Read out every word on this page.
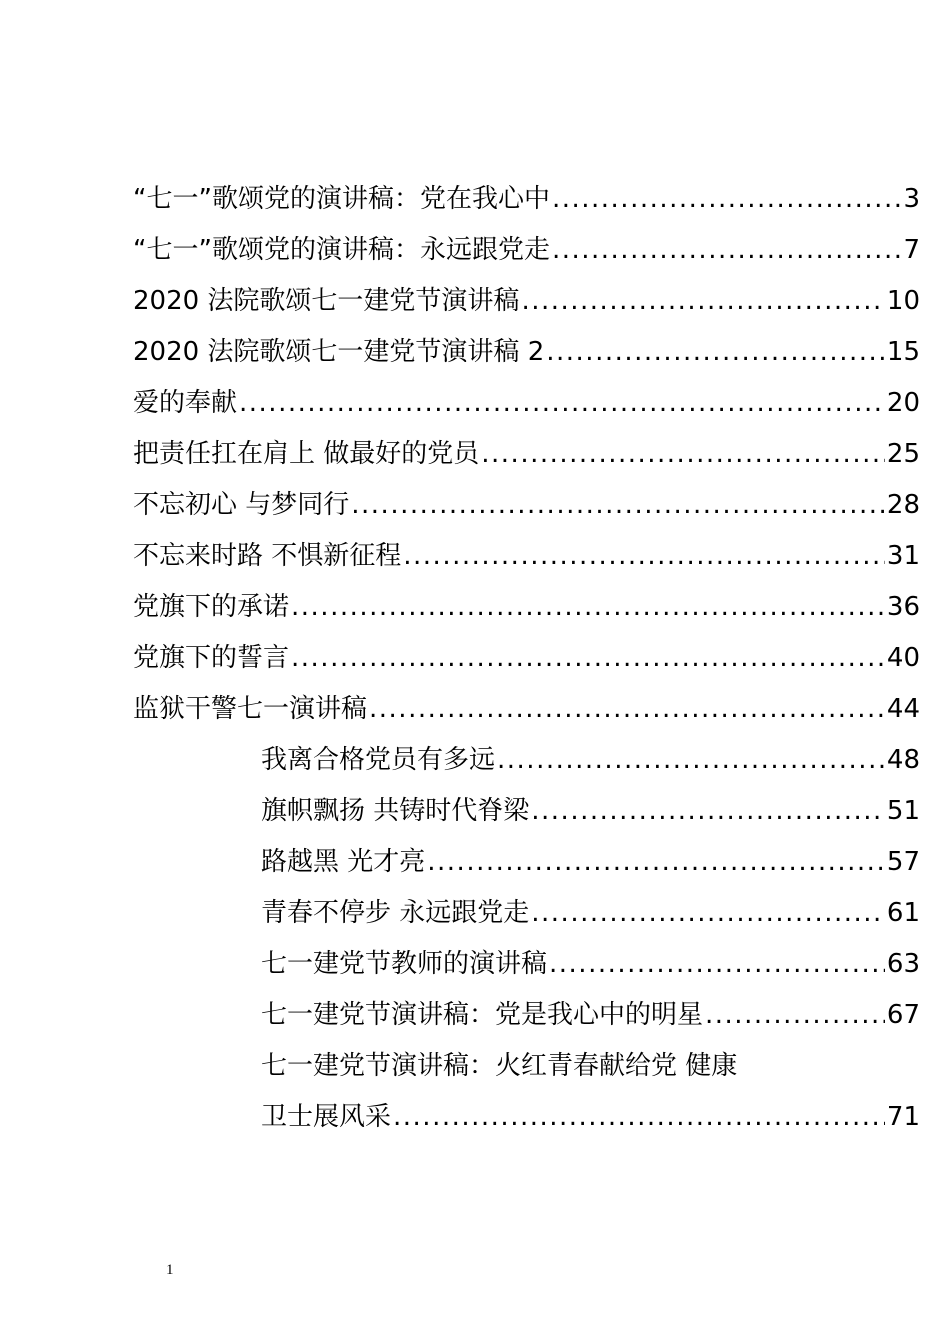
“七一”歌颂党的演讲稿：党在我心中 .....	3
“七一”歌颂党的演讲稿：永远跟党走 .....	7
2020 法院歌颂七一建党节演讲稿 .....	10
2020 法院歌颂七一建党节演讲稿 2 .....	15
爱的奉献 .....	20
把责任扛在肩上 做最好的党员 .....	25
不忘初心 与梦同行 .....	28
不忘来时路 不惧新征程 .....	31
党旗下的承诺 .....	36
党旗下的誓言 .....	40
监狱干警七一演讲稿 .....	44
我离合格党员有多远 .....	48
旗帜飘扬 共铸时代脊梁 .....	51
路越黑 光才亮 .....	57
青春不停步 永远跟党走 .....	61
七一建党节教师的演讲稿 .....	63
七一建党节演讲稿：党是我心中的明星 .....	67
七一建党节演讲稿：火红青春献给党 健康
卫士展风采 .....	71
1
